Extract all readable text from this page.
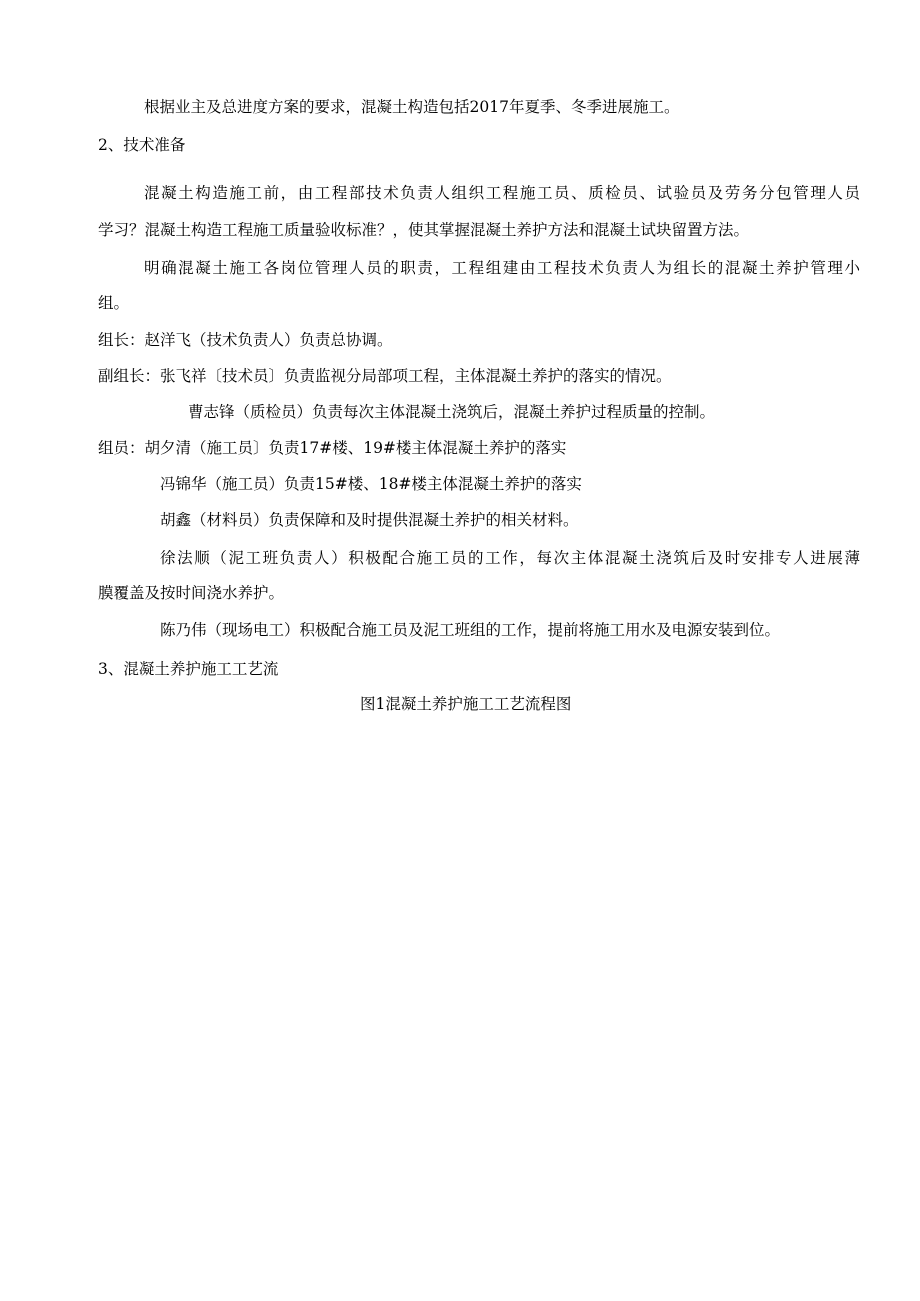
根据业主及总进度方案的要求，混凝土构造包括2017年夏季、冬季进展施工。

2、技术准备

混凝土构造施工前，由工程部技术负责人组织工程施工员、质检员、试验员及劳务分包管理人员

学习？混凝土构造工程施工质量验收标准？，使其掌握混凝土养护方法和混凝土试块留置方法。

明确混凝土施工各岗位管理人员的职责，工程组建由工程技术负责人为组长的混凝土养护管理小

组。

组长：赵洋飞（技术负责人）负责总协调。

副组长：张飞祥〔技术员〕负责监视分局部项工程，主体混凝土养护的落实的情况。

曹志锋（质检员）负责每次主体混凝土浇筑后，混凝土养护过程质量的控制。

组员：胡夕清（施工员〕负责17#楼、19#楼主体混凝土养护的落实

冯锦华（施工员）负责15#楼、18#楼主体混凝土养护的落实

胡鑫（材料员）负责保障和及时提供混凝土养护的相关材料。

徐法顺（泥工班负责人）积极配合施工员的工作，每次主体混凝土浇筑后及时安排专人进展薄

膜覆盖及按时间浇水养护。

陈乃伟（现场电工）积极配合施工员及泥工班组的工作，提前将施工用水及电源安装到位。

3、混凝土养护施工工艺流

图1混凝土养护施工工艺流程图
